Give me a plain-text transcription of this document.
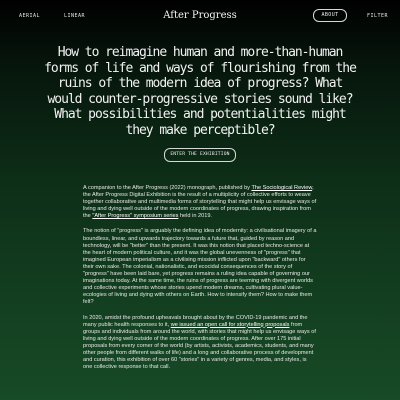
AERIAL	LINEAR	After Progress	ABOUT	FILTER
How to reimagine human and more-than-human forms of life and ways of flourishing from the ruins of the modern idea of progress? What would counter-progressive stories sound like? What possibilities and potentialities might they make perceptible?
ENTER THE EXHIBITION

A companion to the After Progress (2022) monograph, published by The Sociological Review, the After Progress Digital Exhibition is the result of a multiplicity of collective efforts to weave together collaborative and multimedia forms of storytelling that might help us envisage ways of living and dying well outside of the modern coordinates of progress, drawing inspiration from the "After Progress" symposium series held in 2019.

The notion of "progress" is arguably the defining idea of modernity: a civilisational imagery of a boundless, linear, and upwards trajectory towards a future that, guided by reason and technology, will be "better" than the present. It was this notion that placed techno-science at the heart of modern political culture, and it was the global unevenness of "progress" that imagined European imperialism as a civilising mission inflicted upon "backward" others for their own sake. The colonial, nationalistic, and ecocidal consequences of the story of "progress" have been laid bare, yet progress remains a ruling idea capable of governing our imaginations today. At the same time, the ruins of progress are teeming with divergent worlds and collective experiments whose stories upend modern dreams, cultivating plural value-ecologies of living and dying with others on Earth. How to intensify them? How to make them felt?

In 2020, amidst the profound upheavals brought about by the COVID-19 pandemic and the many public health responses to it, we issued an open call for storytelling proposals from groups and individuals from around the world, with stories that might help us envisage ways of living and dying well outside of the modern coordinates of progress. After over 175 initial proposals from every corner of the world (by artists, activists, academics, students, and many other people from different walks of life) and a long and collaborative process of development and curation, this exhibition of over 60 "stories" in a variety of genres, media, and styles, is one collective response to that call.
